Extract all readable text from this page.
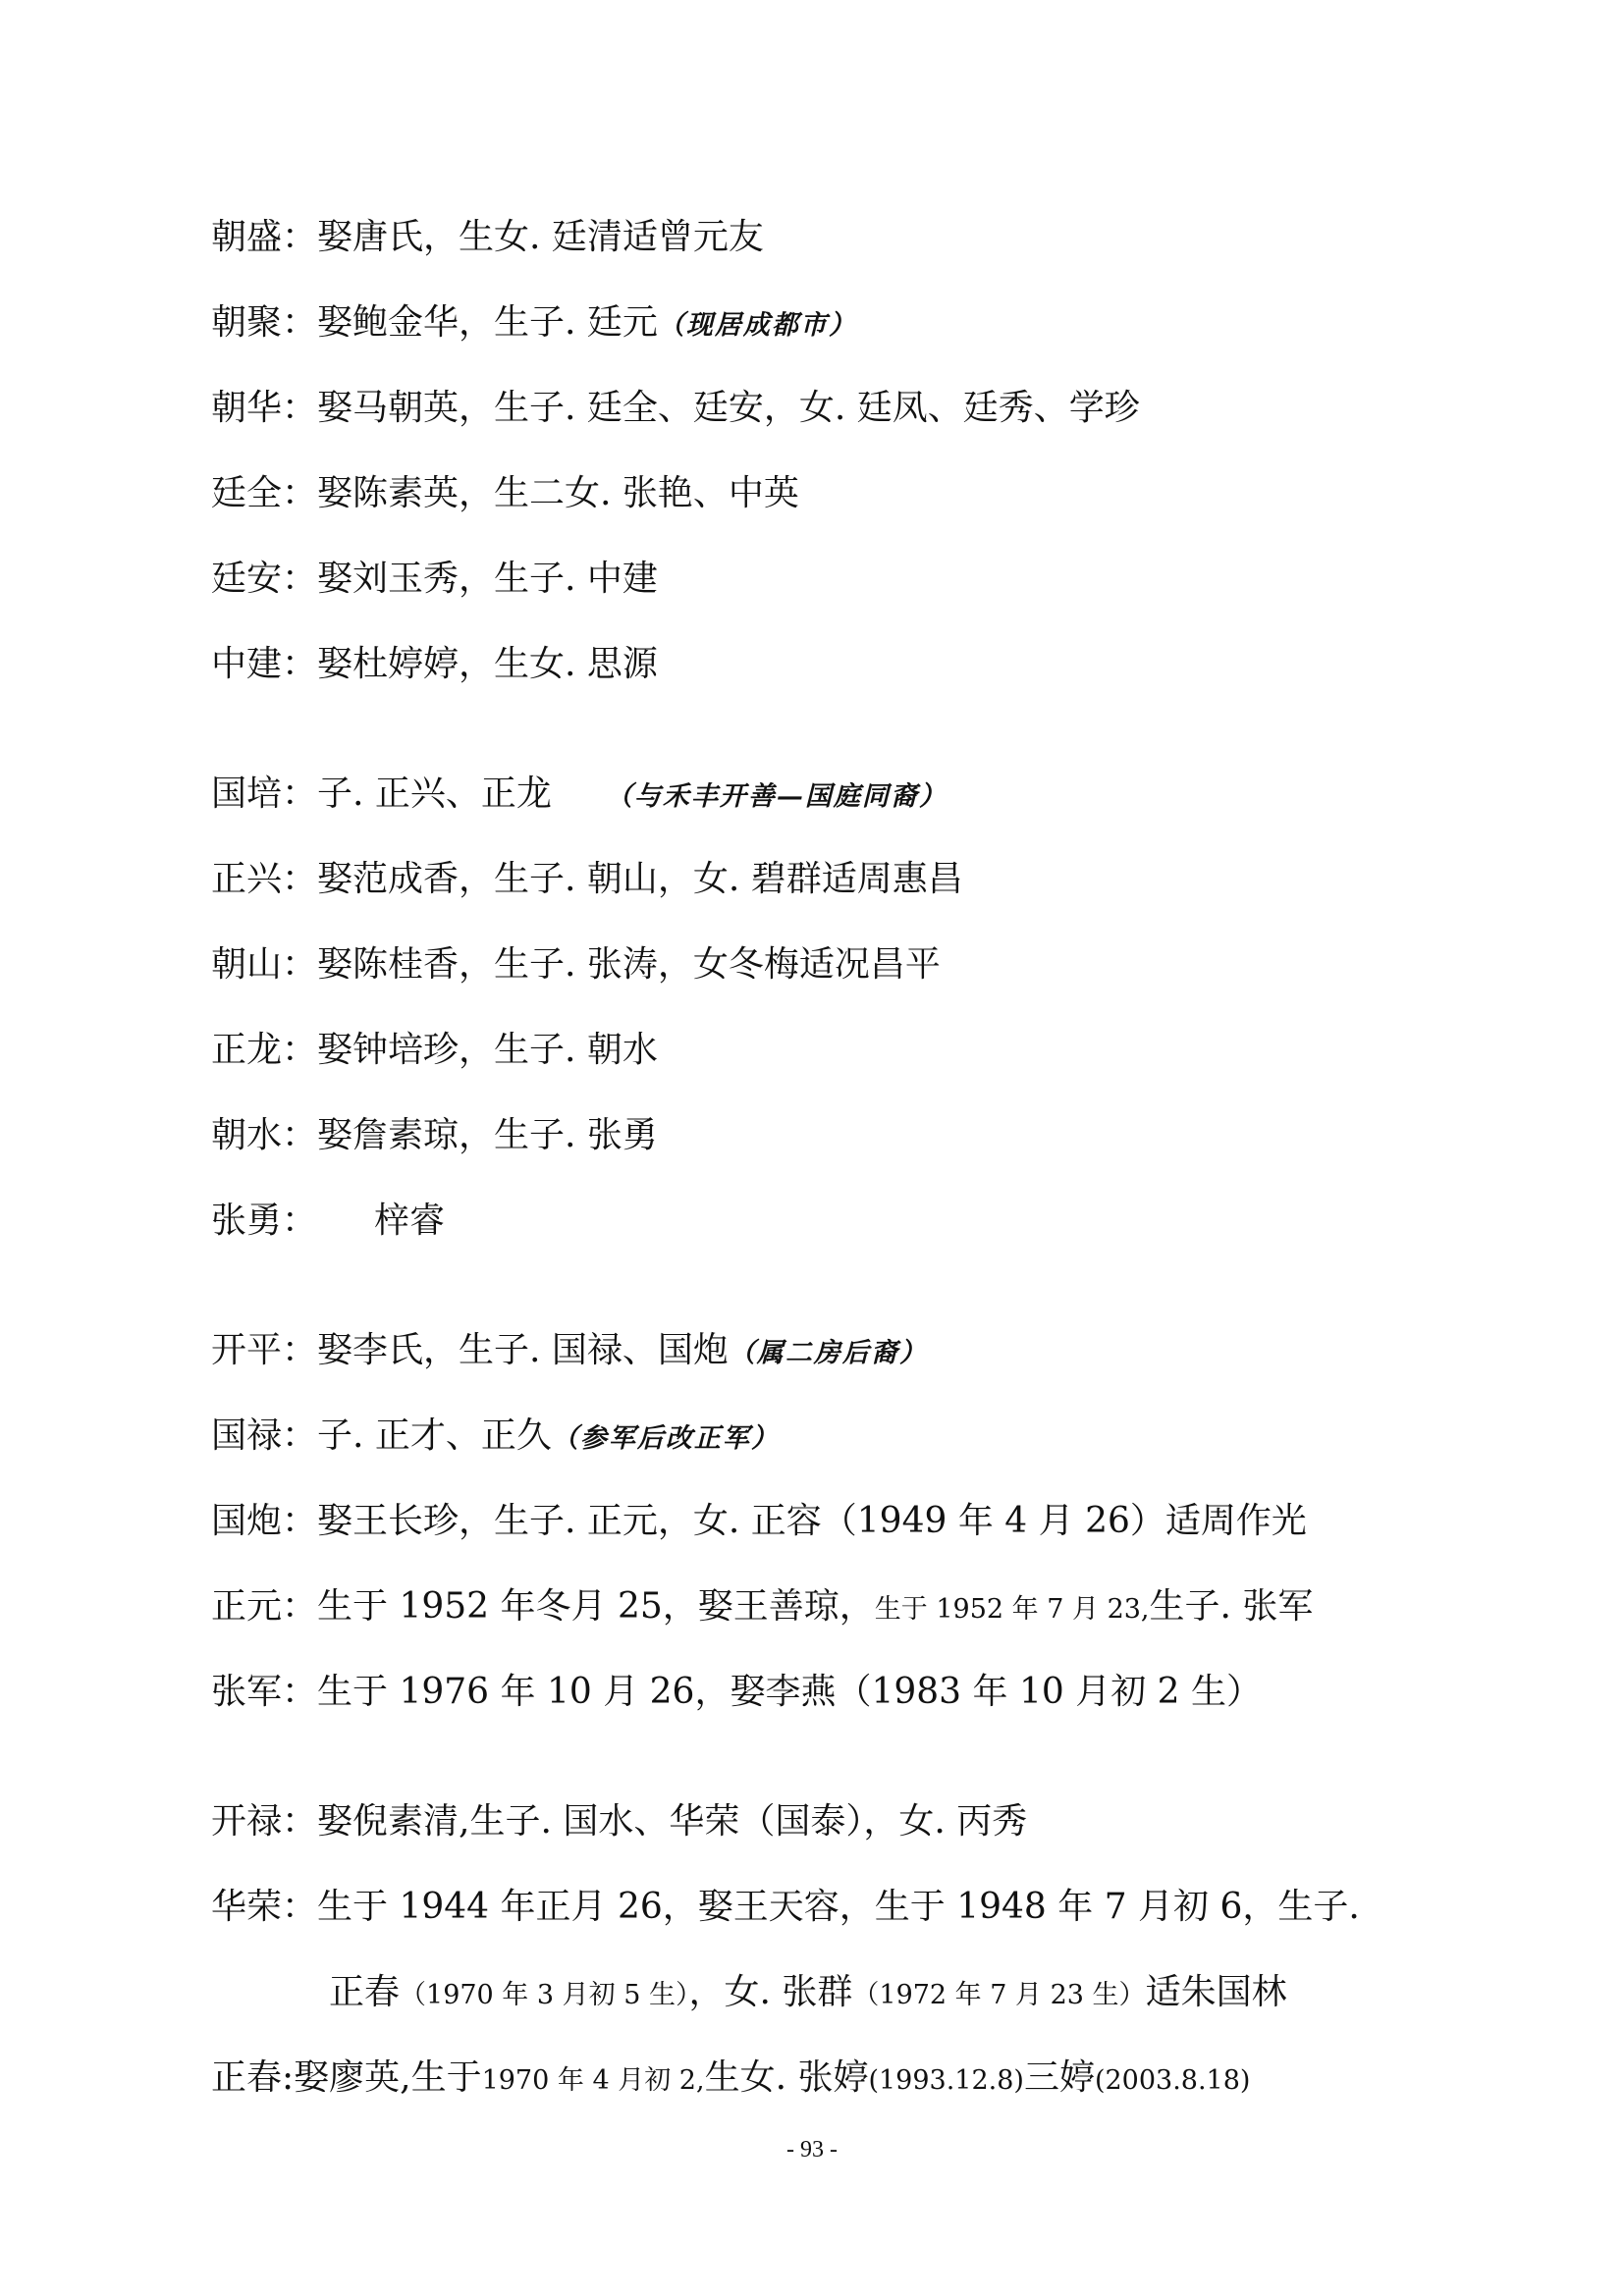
朝盛：娶唐氏，生女. 廷清适曾元友
朝聚：娶鲍金华，生子. 廷元（现居成都市）
朝华：娶马朝英，生子. 廷全、廷安，女. 廷凤、廷秀、学珍
廷全：娶陈素英，生二女. 张艳、中英
廷安：娶刘玉秀，生子. 中建
中建：娶杜婷婷，生女. 思源
国培：子. 正兴、正龙 （与禾丰开善—国庭同裔）
正兴：娶范成香，生子. 朝山，女. 碧群适周惠昌
朝山：娶陈桂香，生子. 张涛，女冬梅适况昌平
正龙：娶钟培珍，生子. 朝水
朝水：娶詹素琼，生子. 张勇
张勇： 梓睿
开平：娶李氏，生子. 国禄、国炮（属二房后裔）
国禄：子. 正才、正久（参军后改正军）
国炮：娶王长珍，生子. 正元，女. 正容（1949 年 4 月 26）适周作光
正元：生于 1952 年冬月 25，娶王善琼，生于 1952 年 7 月 23,生子. 张军
张军：生于 1976 年 10 月 26，娶李燕（1983 年 10 月初 2 生）
开禄：娶倪素清,生子. 国水、华荣（国泰），女. 丙秀
华荣：生于 1944 年正月 26，娶王天容，生于 1948 年 7 月初 6，生子.
正春（1970 年 3 月初 5 生），女. 张群（1972 年 7 月 23 生）适朱国林
正春:娶廖英,生于1970 年 4 月初 2,生女. 张婷(1993.12.8)三婷(2003.8.18)
- 93 -
